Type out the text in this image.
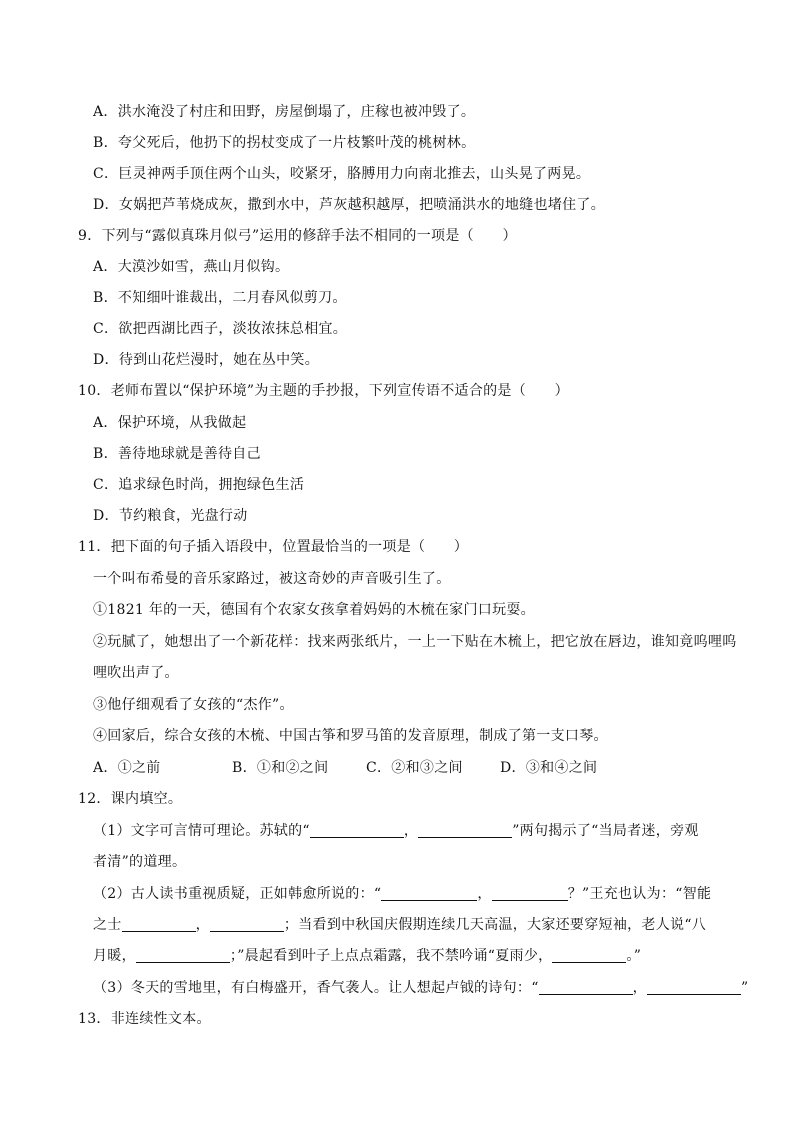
A．洪水淹没了村庄和田野，房屋倒塌了，庄稼也被冲毁了。
B．夸父死后，他扔下的拐杖变成了一片枝繁叶茂的桃树林。
C．巨灵神两手顶住两个山头，咬紧牙，胳膊用力向南北推去，山头晃了两晃。
D．女娲把芦苇烧成灰，撒到水中，芦灰越积越厚，把喷涌洪水的地缝也堵住了。
9．下列与“露似真珠月似弓”运用的修辞手法不相同的一项是（　　）
A．大漠沙如雪，燕山月似钩。
B．不知细叶谁裁出，二月春风似剪刀。
C．欲把西湖比西子，淡妆浓抹总相宜。
D．待到山花烂漫时，她在丛中笑。
10．老师布置以“保护环境”为主题的手抄报，下列宣传语不适合的是（　　）
A．保护环境，从我做起
B．善待地球就是善待自己
C．追求绿色时尚，拥抱绿色生活
D．节约粮食，光盘行动
11．把下面的句子插入语段中，位置最恰当的一项是（　　）
一个叫布希曼的音乐家路过，被这奇妙的声音吸引生了。
①1821 年的一天，德国有个农家女孩拿着妈妈的木梳在家门口玩耍。
②玩腻了，她想出了一个新花样：找来两张纸片，一上一下贴在木梳上，把它放在唇边，谁知竟呜哩呜
哩吹出声了。
③他仔细观看了女孩的“杰作”。
④回家后，综合女孩的木梳、中国古筝和罗马笛的发音原理，制成了第一支口琴。
A．①之前	B．①和②之间	C．②和③之间	D．③和④之间
12．课内填空。
（1）文字可言情可理论。苏轼的“	，	”两句揭示了“当局者迷，旁观
者清”的道理。
（2）古人读书重视质疑，正如韩愈所说的：“	，	？”王充也认为：“智能
之士	，	；当看到中秋国庆假期连续几天高温，大家还要穿短袖，老人说“八
月暖，	；”晨起看到叶子上点点霜露，我不禁吟诵“夏雨少，	。”
（3）冬天的雪地里，有白梅盛开，香气袭人。让人想起卢钺的诗句：“	，	”
13．非连续性文本。
